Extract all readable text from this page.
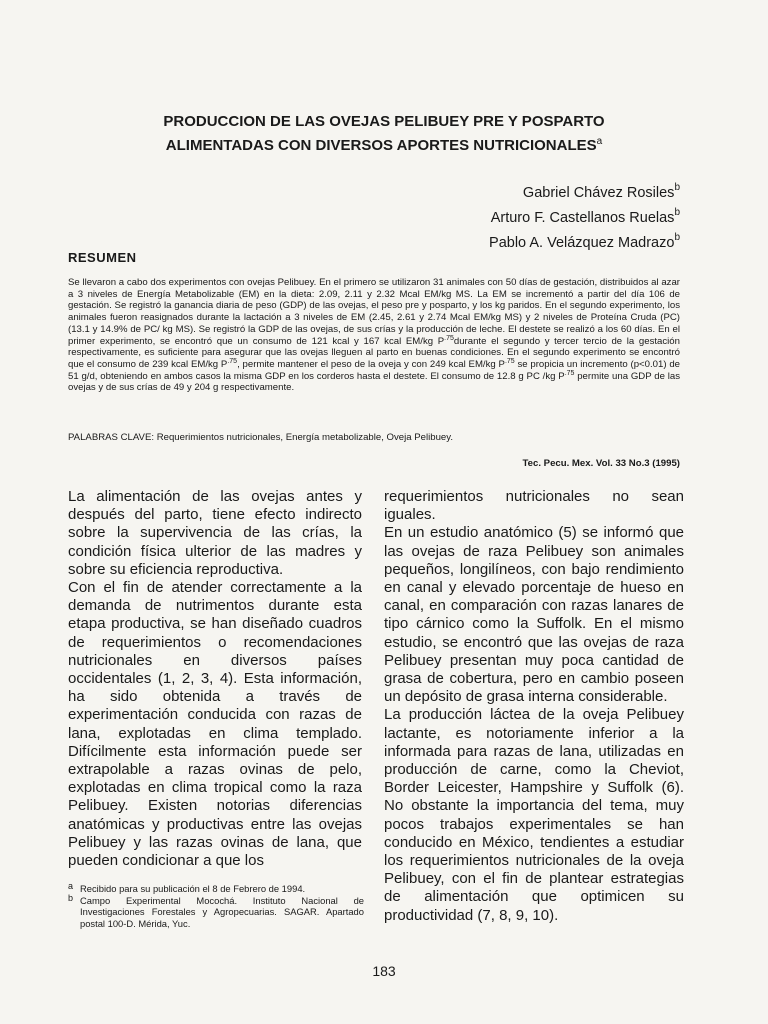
PRODUCCION DE LAS OVEJAS PELIBUEY PRE Y POSPARTO
ALIMENTADAS CON DIVERSOS APORTES NUTRICIONALES$^a$
Gabriel Chávez Rosiles$^b$
Arturo F. Castellanos Ruelas$^b$
Pablo A. Velázquez Madrazo$^b$
RESUMEN
Se llevaron a cabo dos experimentos con ovejas Pelibuey. En el primero se utilizaron 31 animales con 50 días de gestación, distribuidos al azar a 3 niveles de Energía Metabolizable (EM) en la dieta: 2.09, 2.11 y 2.32 Mcal EM/kg MS. La EM se incrementó a partir del día 106 de gestación. Se registró la ganancia diaria de peso (GDP) de las ovejas, el peso pre y posparto, y los kg paridos. En el segundo experimento, los animales fueron reasignados durante la lactación a 3 niveles de EM (2.45, 2.61 y 2.74 Mcal EM/kg MS) y 2 niveles de Proteína Cruda (PC) (13.1 y 14.9% de PC/ kg MS). Se registró la GDP de las ovejas, de sus crías y la producción de leche. El destete se realizó a los 60 días. En el primer experimento, se encontró que un consumo de 121 kcal y 167 kcal EM/kg $P^{.75}durante$ el segundo y tercer tercio de la gestación respectivamente, es suficiente para asegurar que las ovejas lleguen al parto en buenas condiciones. En el segundo experimento se encontró que el consumo de 239 kcal EM/kg $P^{.75}$, permite mantener el peso de la oveja y con 249 kcal EM/kg $P^{.75}$ se propicia un incremento (p<0.01) de 51 g/d, obteniendo en ambos casos la misma GDP en los corderos hasta el destete. El consumo de 12.8 g PC /kg $P^{.75}$ permite una GDP de las ovejas y de sus crías de 49 y 204 g respectivamente.
PALABRAS CLAVE: Requerimientos nutricionales, Energía metabolizable, Oveja Pelibuey.
Tec. Pecu. Mex. Vol. 33 No.3 (1995)

La alimentación de las ovejas antes y después del parto, tiene efecto indirecto sobre la supervivencia de las crías, la condición física ulterior de las madres y sobre su eficiencia reproductiva.

Con el fin de atender correctamente a la demanda de nutrimentos durante esta etapa productiva, se han diseñado cuadros de requerimientos o recomendaciones nutricionales en diversos países occidentales (1, 2, 3, 4). Esta información, ha sido obtenida a través de experimentación conducida con razas de lana, explotadas en clima templado. Difícilmente esta información puede ser extrapolable a razas ovinas de pelo, explotadas en clima tropical como la raza Pelibuey. Existen notorias diferencias anatómicas y productivas entre las ovejas Pelibuey y las razas ovinas de lana, que pueden condicionar a que los

requerimientos nutricionales no sean iguales.

En un estudio anatómico (5) se informó que las ovejas de raza Pelibuey son animales pequeños, longilíneos, con bajo rendimiento en canal y elevado porcentaje de hueso en canal, en comparación con razas lanares de tipo cárnico como la Suffolk. En el mismo estudio, se encontró que las ovejas de raza Pelibuey presentan muy poca cantidad de grasa de cobertura, pero en cambio poseen un depósito de grasa interna considerable.

La producción láctea de la oveja Pelibuey lactante, es notoriamente inferior a la informada para razas de lana, utilizadas en producción de carne, como la Cheviot, Border Leicester, Hampshire y Suffolk (6). No obstante la importancia del tema, muy pocos trabajos experimentales se han conducido en México, tendientes a estudiar los requerimientos nutricionales de la oveja Pelibuey, con el fin de plantear estrategias de alimentación que optimicen su productividad (7, 8, 9, 10).

a Recibido para su publicación el 8 de Febrero de 1994.
b Campo Experimental Mocochá. Instituto Nacional de Investigaciones Forestales y Agropecuarias. SAGAR. Apartado postal 100-D. Mérida, Yuc.
183
